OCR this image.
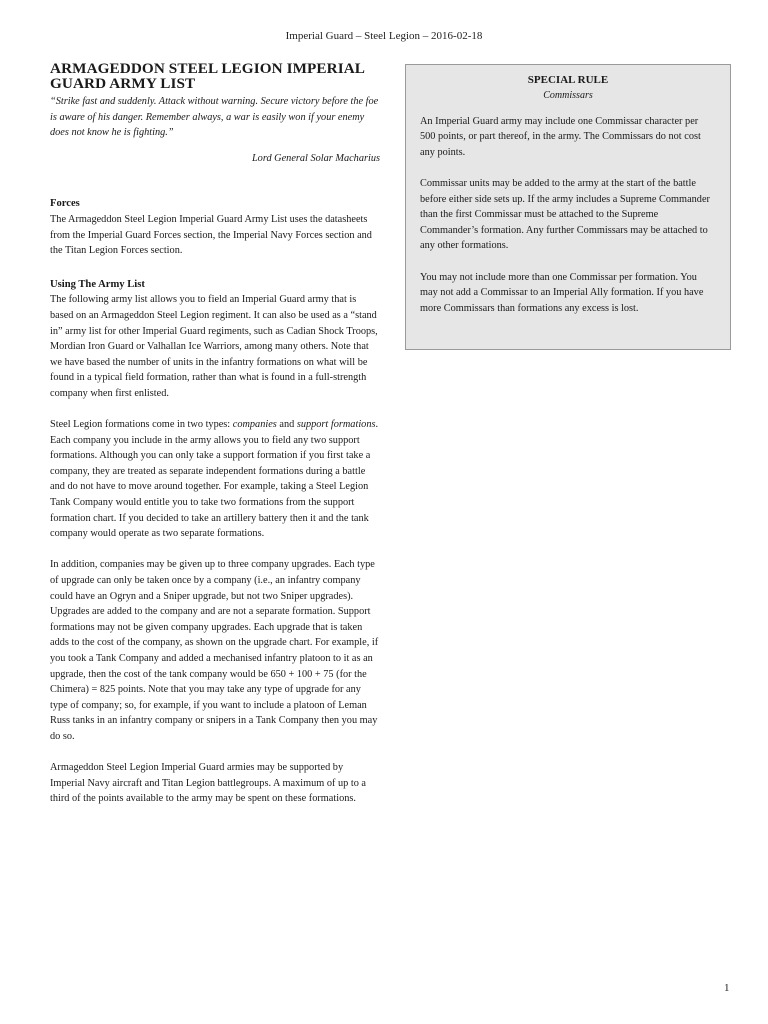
Imperial Guard – Steel Legion – 2016-02-18
ARMAGEDDON STEEL LEGION IMPERIAL GUARD ARMY LIST

“Strike fast and suddenly. Attack without warning. Secure victory before the foe is aware of his danger. Remember always, a war is easily won if your enemy does not know he is fighting.”

Lord General Solar Macharius
Forces

The Armageddon Steel Legion Imperial Guard Army List uses the datasheets from the Imperial Guard Forces section, the Imperial Navy Forces section and the Titan Legion Forces section.

Using The Army List

The following army list allows you to field an Imperial Guard army that is based on an Armageddon Steel Legion regiment. It can also be used as a “stand in” army list for other Imperial Guard regiments, such as Cadian Shock Troops, Mordian Iron Guard or Valhallan Ice Warriors, among many others. Note that we have based the number of units in the infantry formations on what will be found in a typical field formation, rather than what is found in a full-strength company when first enlisted.

Steel Legion formations come in two types: companies and support formations. Each company you include in the army allows you to field any two support formations. Although you can only take a support formation if you first take a company, they are treated as separate independent formations during a battle and do not have to move around together. For example, taking a Steel Legion Tank Company would entitle you to take two formations from the support formation chart. If you decided to take an artillery battery then it and the tank company would operate as two separate formations.

In addition, companies may be given up to three company upgrades. Each type of upgrade can only be taken once by a company (i.e., an infantry company could have an Ogryn and a Sniper upgrade, but not two Sniper upgrades). Upgrades are added to the company and are not a separate formation. Support formations may not be given company upgrades. Each upgrade that is taken adds to the cost of the company, as shown on the upgrade chart. For example, if you took a Tank Company and added a mechanised infantry platoon to it as an upgrade, then the cost of the tank company would be 650 + 100 + 75 (for the Chimera) = 825 points. Note that you may take any type of upgrade for any type of company; so, for example, if you want to include a platoon of Leman Russ tanks in an infantry company or snipers in a Tank Company then you may do so.

Armageddon Steel Legion Imperial Guard armies may be supported by Imperial Navy aircraft and Titan Legion battlegroups. A maximum of up to a third of the points available to the army may be spent on these formations.

SPECIAL RULE
Commissars

An Imperial Guard army may include one Commissar character per 500 points, or part thereof, in the army. The Commissars do not cost any points.

Commissar units may be added to the army at the start of the battle before either side sets up. If the army includes a Supreme Commander than the first Commissar must be attached to the Supreme Commander’s formation. Any further Commissars may be attached to any other formations.

You may not include more than one Commissar per formation. You may not add a Commissar to an Imperial Ally formation. If you have more Commissars than formations any excess is lost.

1
